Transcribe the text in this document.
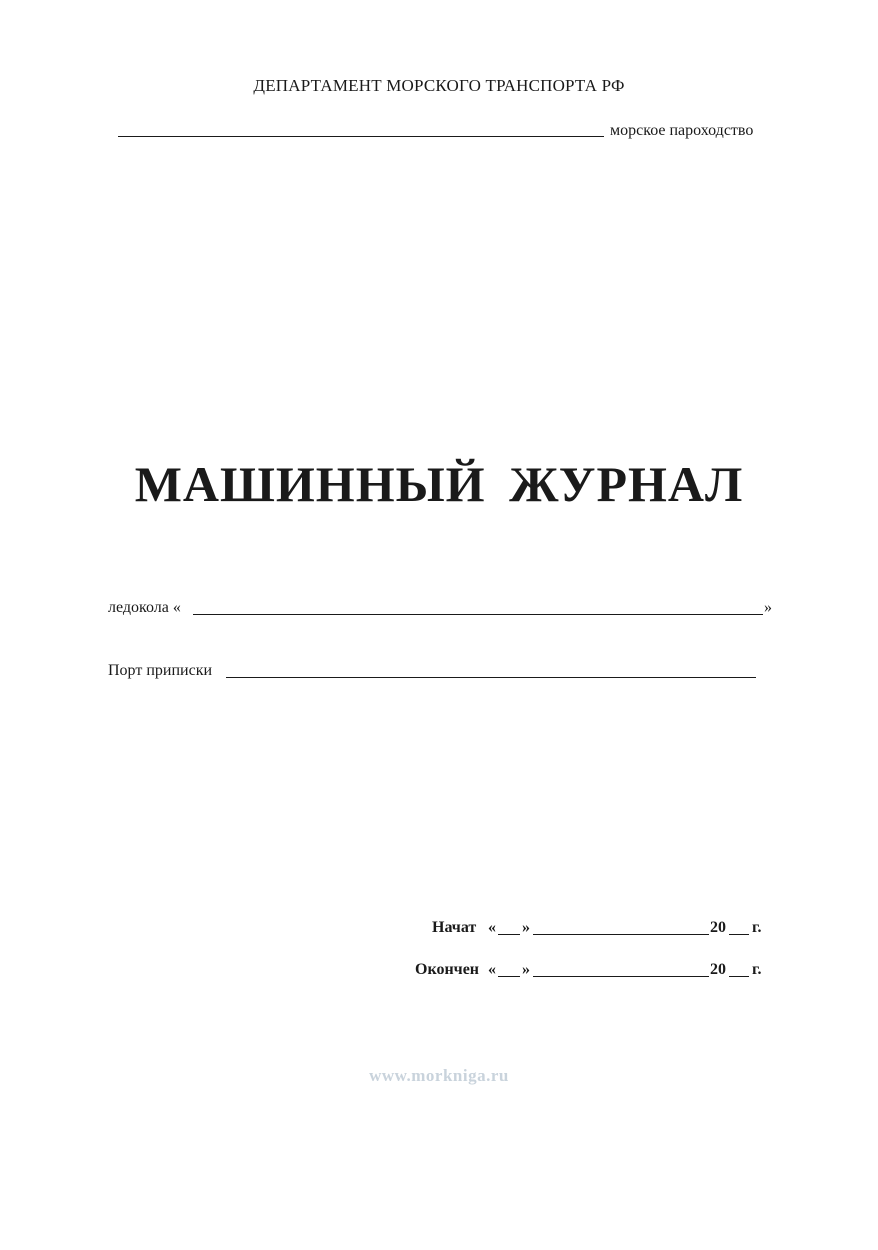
ДЕПАРТАМЕНТ МОРСКОГО ТРАНСПОРТА РФ
морское пароходство
МАШИННЫЙ ЖУРНАЛ
ледокола «	»
Порт приписки
Начат « »	20 г.
Окончен « »	20 г.
www.morkniga.ru
